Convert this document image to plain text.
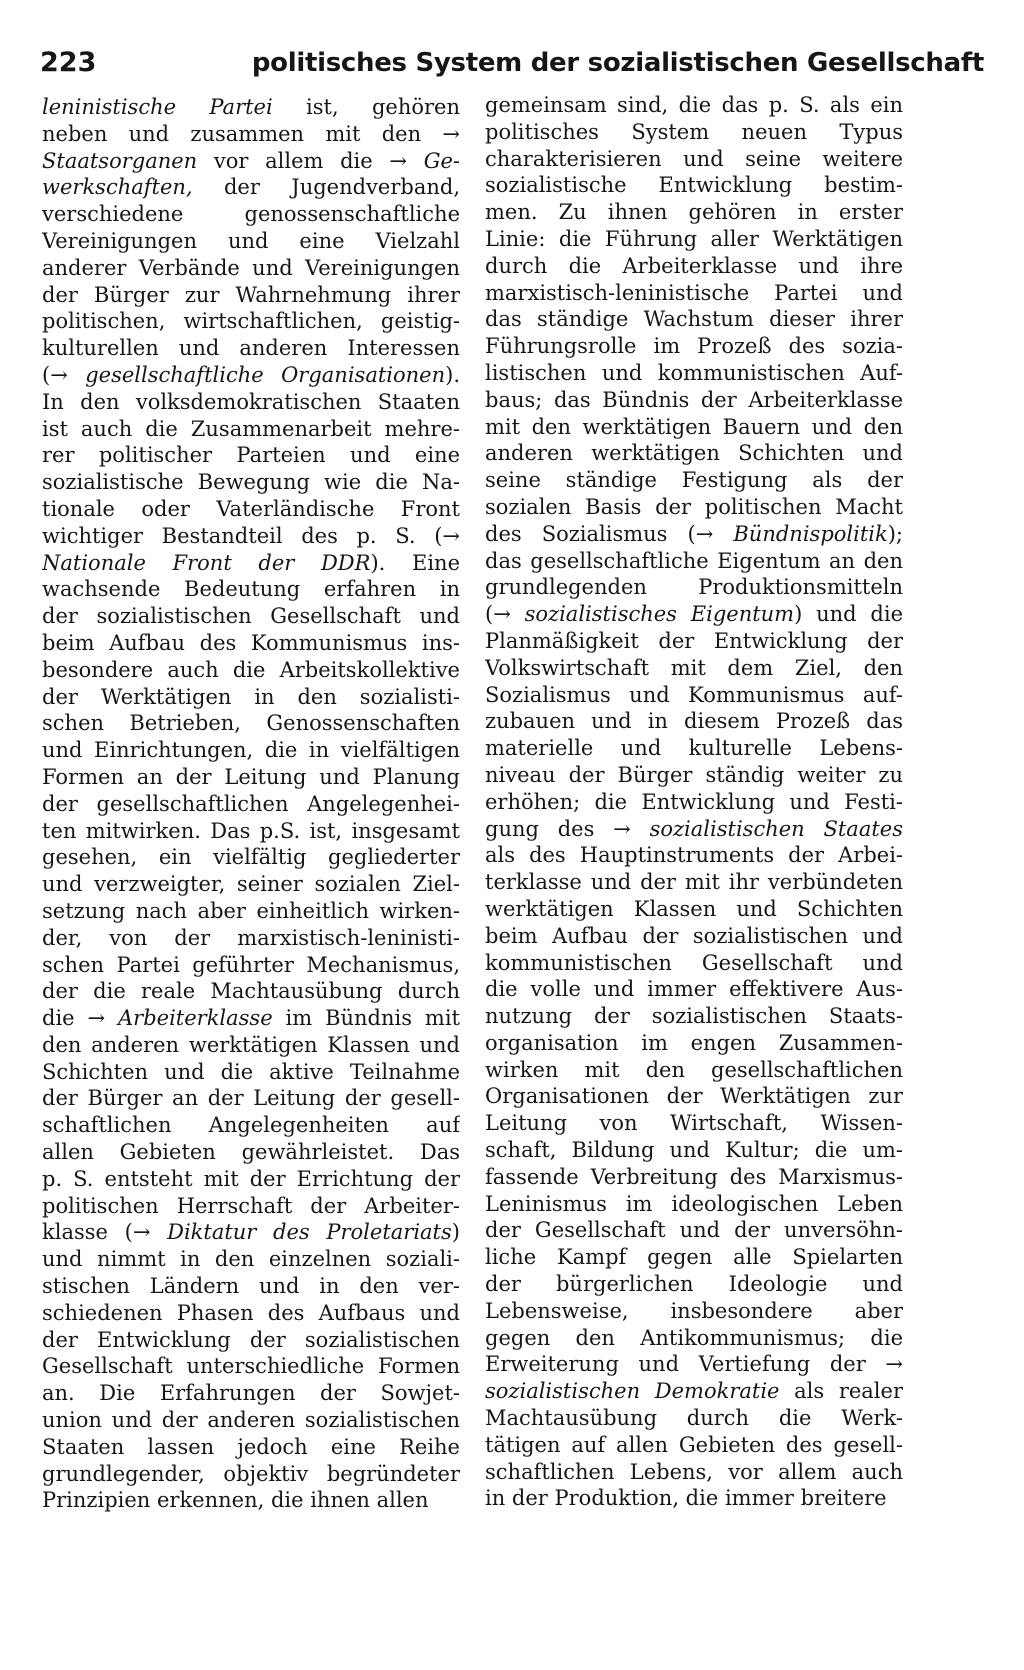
223	politisches System der sozialistischen Gesellschaft
leninistische Partei ist, gehören
neben und zusammen mit den →
Staatsorganen vor allem die → Ge-
werkschaften, der Jugendverband,
verschiedene genossenschaftliche
Vereinigungen und eine Vielzahl
anderer Verbände und Vereinigungen
der Bürger zur Wahrnehmung ihrer
politischen, wirtschaftlichen, geistig-
kulturellen und anderen Interessen
(→ gesellschaftliche Organisationen).
In den volksdemokratischen Staaten
ist auch die Zusammenarbeit mehre-
rer politischer Parteien und eine
sozialistische Bewegung wie die Na-
tionale oder Vaterländische Front
wichtiger Bestandteil des p. S. (→
Nationale Front der DDR). Eine
wachsende Bedeutung erfahren in
der sozialistischen Gesellschaft und
beim Aufbau des Kommunismus ins-
besondere auch die Arbeitskollektive
der Werktätigen in den sozialisti-
schen Betrieben, Genossenschaften
und Einrichtungen, die in vielfältigen
Formen an der Leitung und Planung
der gesellschaftlichen Angelegenhei-
ten mitwirken. Das p.S. ist, insgesamt
gesehen, ein vielfältig gegliederter
und verzweigter, seiner sozialen Ziel-
setzung nach aber einheitlich wirken-
der, von der marxistisch-leninisti-
schen Partei geführter Mechanismus,
der die reale Machtausübung durch
die → Arbeiterklasse im Bündnis mit
den anderen werktätigen Klassen und
Schichten und die aktive Teilnahme
der Bürger an der Leitung der gesell-
schaftlichen Angelegenheiten auf
allen Gebieten gewährleistet. Das
p. S. entsteht mit der Errichtung der
politischen Herrschaft der Arbeiter-
klasse (→ Diktatur des Proletariats)
und nimmt in den einzelnen soziali-
stischen Ländern und in den ver-
schiedenen Phasen des Aufbaus und
der Entwicklung der sozialistischen
Gesellschaft unterschiedliche Formen
an. Die Erfahrungen der Sowjet-
union und der anderen sozialistischen
Staaten lassen jedoch eine Reihe
grundlegender, objektiv begründeter
Prinzipien erkennen, die ihnen allen
gemeinsam sind, die das p. S. als ein
politisches System neuen Typus
charakterisieren und seine weitere
sozialistische Entwicklung bestim-
men. Zu ihnen gehören in erster
Linie: die Führung aller Werktätigen
durch die Arbeiterklasse und ihre
marxistisch-leninistische Partei und
das ständige Wachstum dieser ihrer
Führungsrolle im Prozeß des sozia-
listischen und kommunistischen Auf-
baus; das Bündnis der Arbeiterklasse
mit den werktätigen Bauern und den
anderen werktätigen Schichten und
seine ständige Festigung als der
sozialen Basis der politischen Macht
des Sozialismus (→ Bündnispolitik);
das gesellschaftliche Eigentum an den
grundlegenden Produktionsmitteln
(→ sozialistisches Eigentum) und die
Planmäßigkeit der Entwicklung der
Volkswirtschaft mit dem Ziel, den
Sozialismus und Kommunismus auf-
zubauen und in diesem Prozeß das
materielle und kulturelle Lebens-
niveau der Bürger ständig weiter zu
erhöhen; die Entwicklung und Festi-
gung des → sozialistischen Staates
als des Hauptinstruments der Arbei-
terklasse und der mit ihr verbündeten
werktätigen Klassen und Schichten
beim Aufbau der sozialistischen und
kommunistischen Gesellschaft und
die volle und immer effektivere Aus-
nutzung der sozialistischen Staats-
organisation im engen Zusammen-
wirken mit den gesellschaftlichen
Organisationen der Werktätigen zur
Leitung von Wirtschaft, Wissen-
schaft, Bildung und Kultur; die um-
fassende Verbreitung des Marxismus-
Leninismus im ideologischen Leben
der Gesellschaft und der unversöhn-
liche Kampf gegen alle Spielarten
der bürgerlichen Ideologie und
Lebensweise, insbesondere aber
gegen den Antikommunismus; die
Erweiterung und Vertiefung der →
sozialistischen Demokratie als realer
Machtausübung durch die Werk-
tätigen auf allen Gebieten des gesell-
schaftlichen Lebens, vor allem auch
in der Produktion, die immer breitere
